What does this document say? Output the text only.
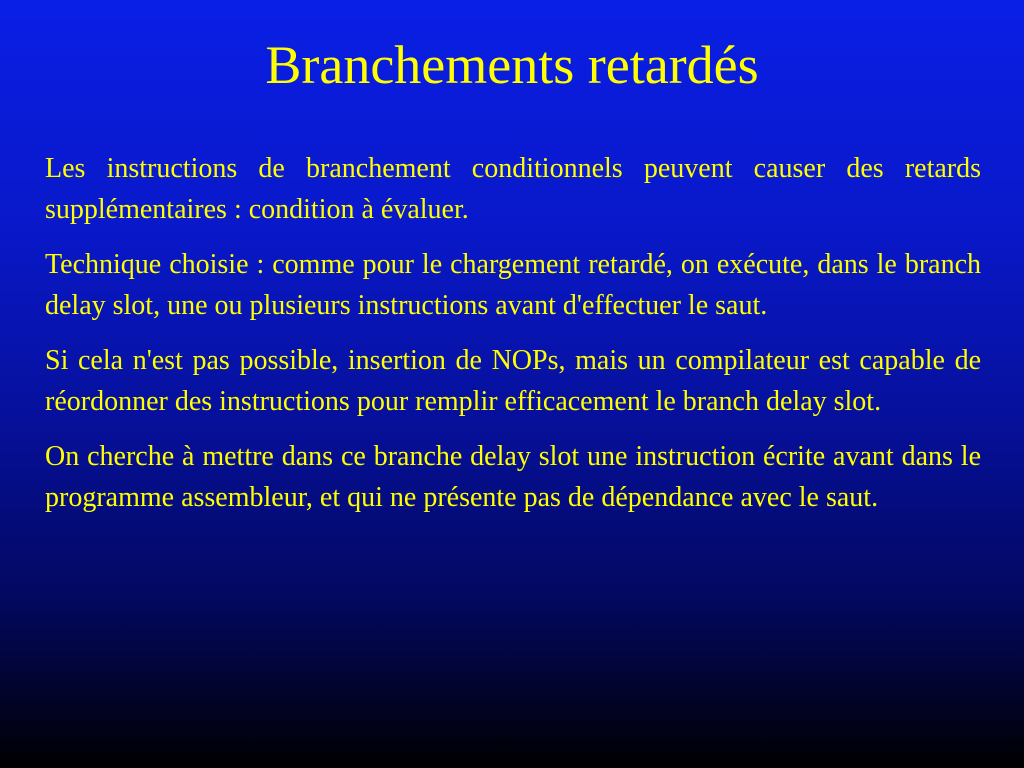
Branchements retardés

Les instructions de branchement conditionnels peuvent causer des retards supplémentaires : condition à évaluer.

Technique choisie : comme pour le chargement retardé, on exécute, dans le branch delay slot, une ou plusieurs instructions avant d'effectuer le saut.

Si cela n'est pas possible, insertion de NOPs, mais un compilateur est capable de réordonner des instructions pour remplir efficacement le branch delay slot.

On cherche à mettre dans ce branche delay slot une instruction écrite avant dans le programme assembleur, et qui ne présente pas de dépendance avec le saut.
